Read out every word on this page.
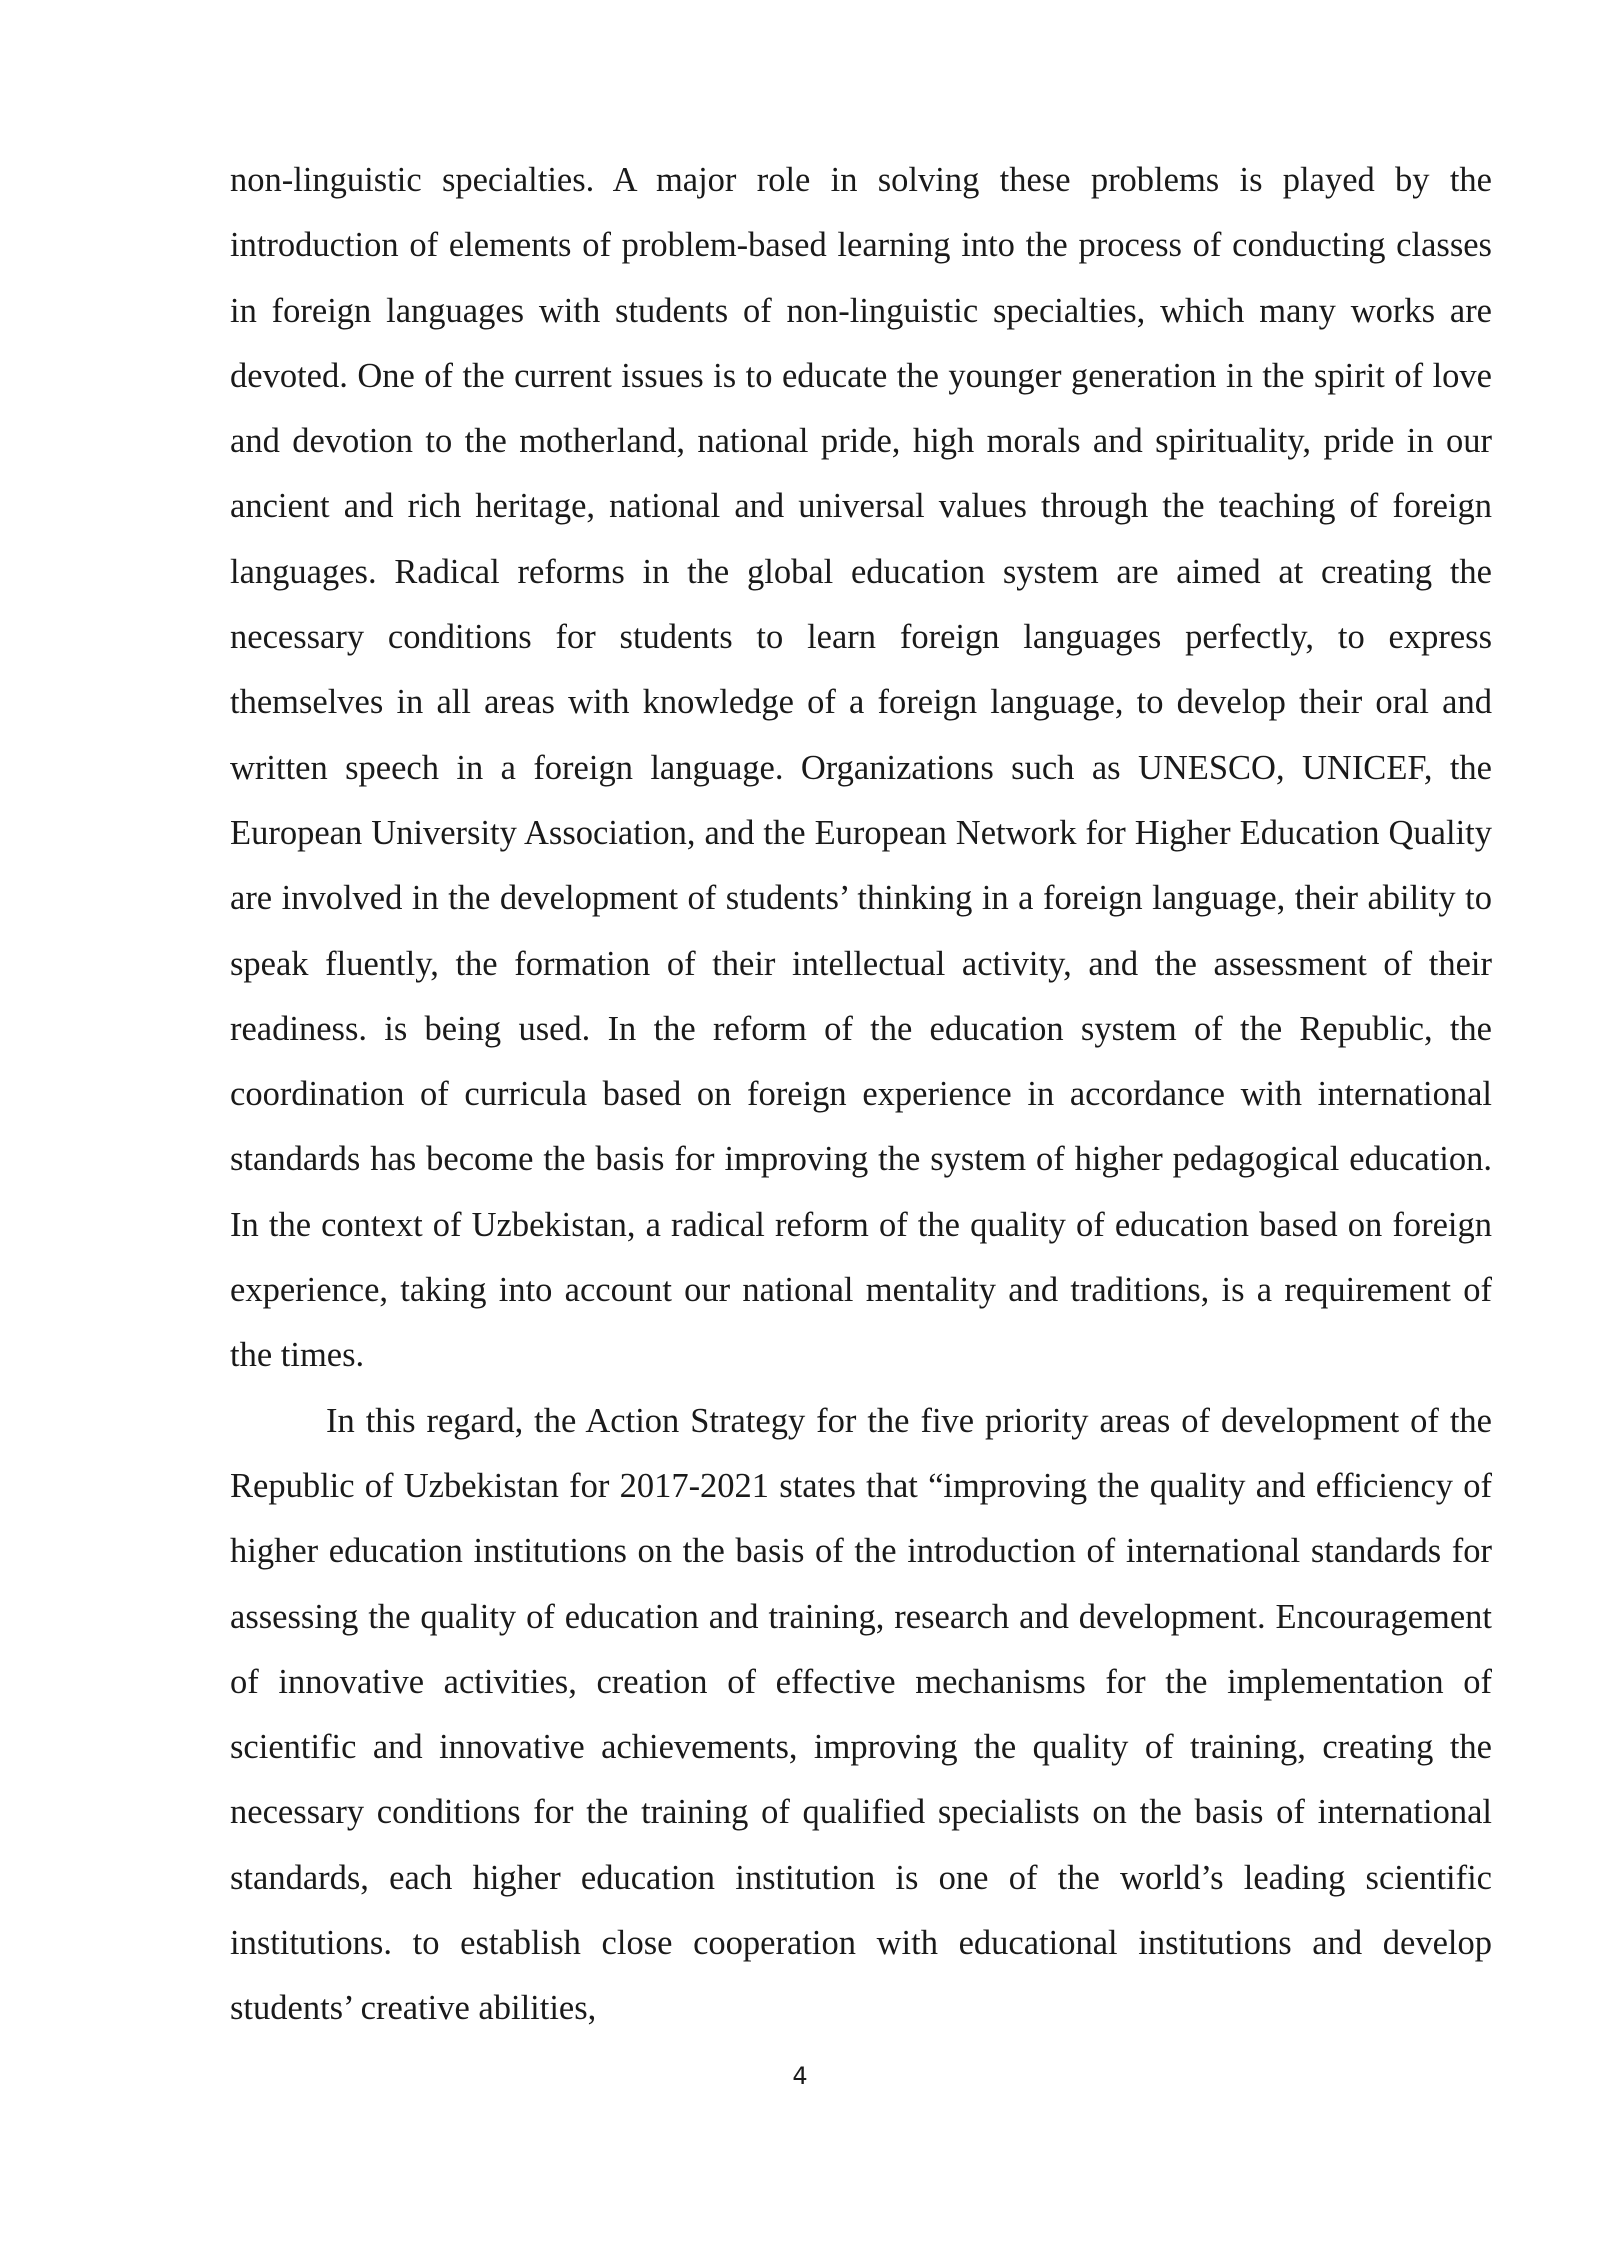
non-linguistic specialties. A major role in solving these problems is played by the introduction of elements of problem-based learning into the process of conducting classes in foreign languages with students of non-linguistic specialties, which many works are devoted. One of the current issues is to educate the younger generation in the spirit of love and devotion to the motherland, national pride, high morals and spirituality, pride in our ancient and rich heritage, national and universal values through the teaching of foreign languages. Radical reforms in the global education system are aimed at creating the necessary conditions for students to learn foreign languages perfectly, to express themselves in all areas with knowledge of a foreign language, to develop their oral and written speech in a foreign language. Organizations such as UNESCO, UNICEF, the European University Association, and the European Network for Higher Education Quality are involved in the development of students’ thinking in a foreign language, their ability to speak fluently, the formation of their intellectual activity, and the assessment of their readiness. is being used. In the reform of the education system of the Republic, the coordination of curricula based on foreign experience in accordance with international standards has become the basis for improving the system of higher pedagogical education. In the context of Uzbekistan, a radical reform of the quality of education based on foreign experience, taking into account our national mentality and traditions, is a requirement of the times.

In this regard, the Action Strategy for the five priority areas of development of the Republic of Uzbekistan for 2017-2021 states that “improving the quality and efficiency of higher education institutions on the basis of the introduction of international standards for assessing the quality of education and training, research and development. Encouragement of innovative activities, creation of effective mechanisms for the implementation of scientific and innovative achievements, improving the quality of training, creating the necessary conditions for the training of qualified specialists on the basis of international standards, each higher education institution is one of the world’s leading scientific institutions. to establish close cooperation with educational institutions and develop students’ creative abilities,

4
